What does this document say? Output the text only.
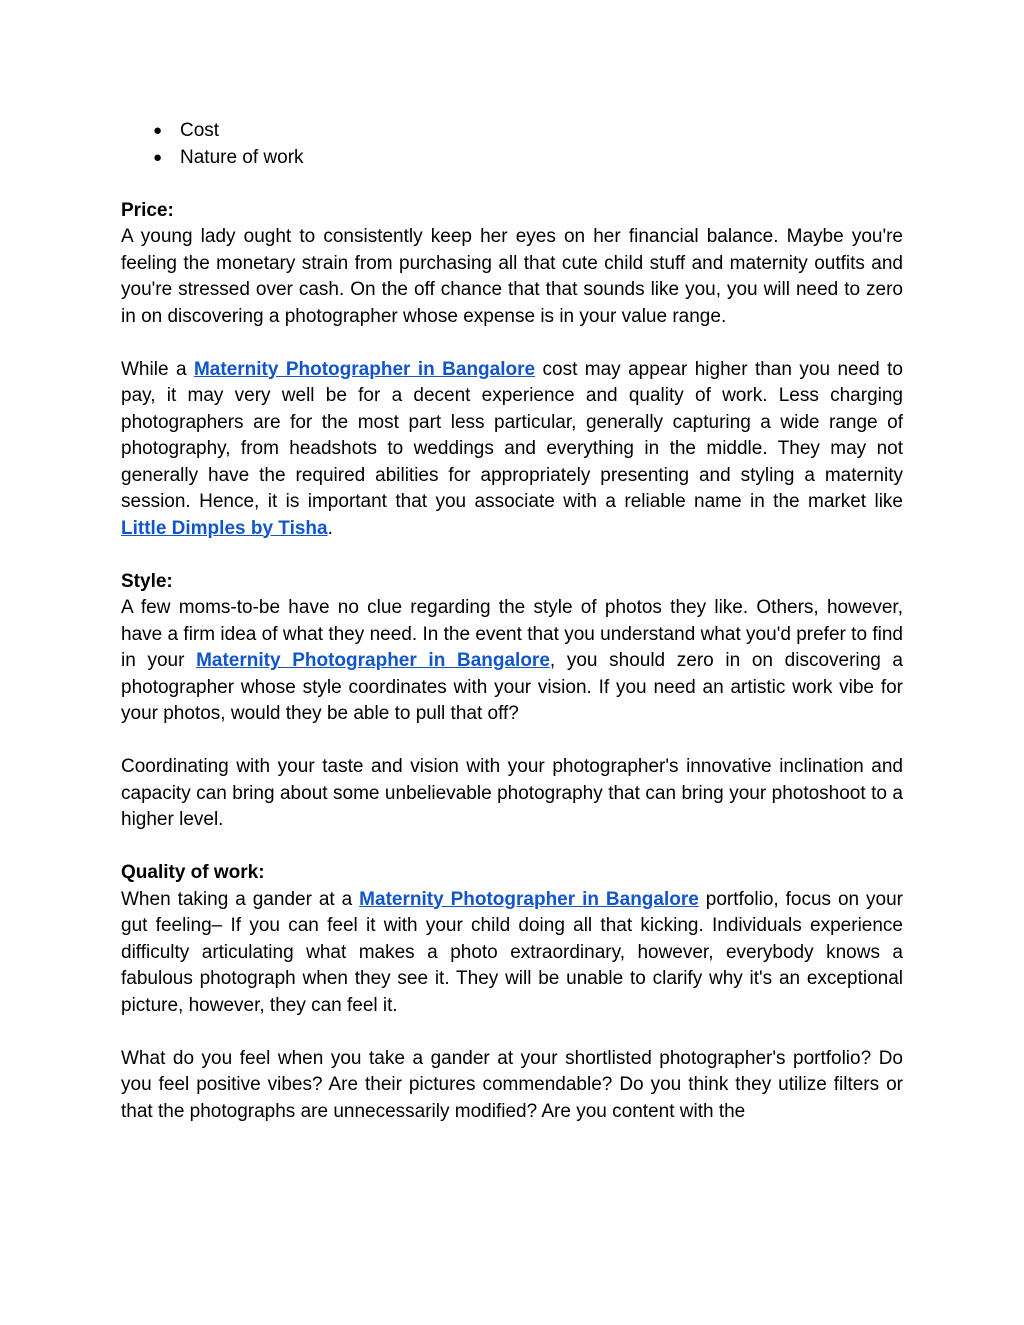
● Cost
● Nature of work
Price:

A young lady ought to consistently keep her eyes on her financial balance. Maybe you're feeling the monetary strain from purchasing all that cute child stuff and maternity outfits and you're stressed over cash. On the off chance that that sounds like you, you will need to zero in on discovering a photographer whose expense is in your value range.

While a Maternity Photographer in Bangalore cost may appear higher than you need to pay, it may very well be for a decent experience and quality of work. Less charging photographers are for the most part less particular, generally capturing a wide range of photography, from headshots to weddings and everything in the middle. They may not generally have the required abilities for appropriately presenting and styling a maternity session. Hence, it is important that you associate with a reliable name in the market like Little Dimples by Tisha.

Style:

A few moms-to-be have no clue regarding the style of photos they like. Others, however, have a firm idea of what they need. In the event that you understand what you'd prefer to find in your Maternity Photographer in Bangalore, you should zero in on discovering a photographer whose style coordinates with your vision. If you need an artistic work vibe for your photos, would they be able to pull that off?

Coordinating with your taste and vision with your photographer's innovative inclination and capacity can bring about some unbelievable photography that can bring your photoshoot to a higher level.

Quality of work:

When taking a gander at a Maternity Photographer in Bangalore portfolio, focus on your gut feeling– If you can feel it with your child doing all that kicking. Individuals experience difficulty articulating what makes a photo extraordinary, however, everybody knows a fabulous photograph when they see it. They will be unable to clarify why it's an exceptional picture, however, they can feel it.

What do you feel when you take a gander at your shortlisted photographer's portfolio? Do you feel positive vibes? Are their pictures commendable? Do you think they utilize filters or that the photographs are unnecessarily modified? Are you content with the
